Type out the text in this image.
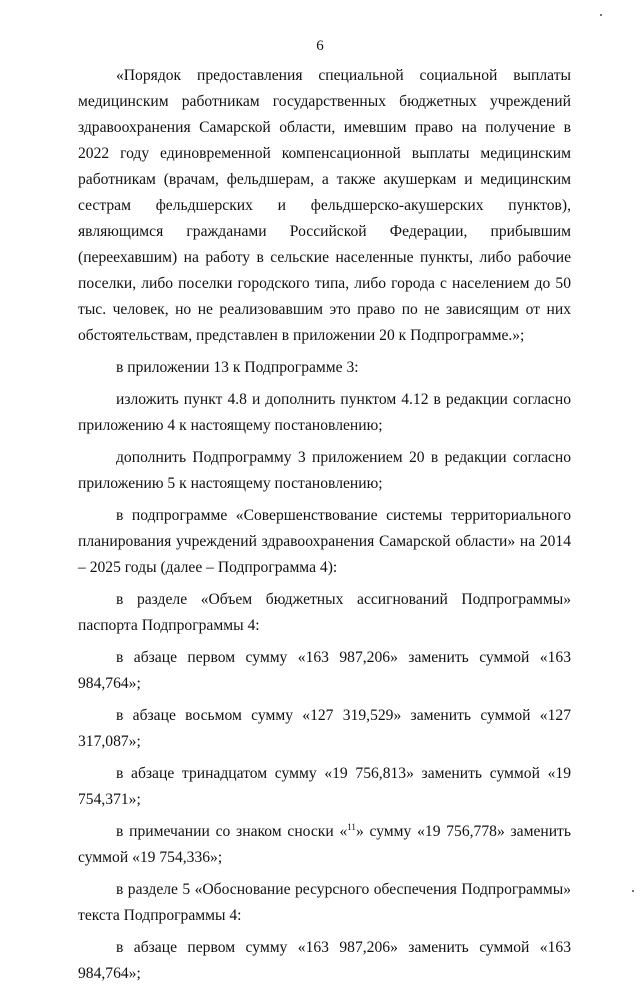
6

«Порядок предоставления специальной социальной выплаты медицинским работникам государственных бюджетных учреждений здравоохранения Самарской области, имевшим право на получение в 2022 году единовременной компенсационной выплаты медицинским работникам (врачам, фельдшерам, а также акушеркам и медицинским сестрам фельдшерских и фельдшерско-акушерских пунктов), являющимся гражданами Российской Федерации, прибывшим (переехавшим) на работу в сельские населенные пункты, либо рабочие поселки, либо поселки городского типа, либо города с населением до 50 тыс. человек, но не реализовавшим это право по не зависящим от них обстоятельствам, представлен в приложении 20 к Подпрограмме.»;

в приложении 13 к Подпрограмме 3:

изложить пункт 4.8 и дополнить пунктом 4.12 в редакции согласно приложению 4 к настоящему постановлению;

дополнить Подпрограмму 3 приложением 20 в редакции согласно приложению 5 к настоящему постановлению;

в подпрограмме «Совершенствование системы территориального планирования учреждений здравоохранения Самарской области» на 2014 – 2025 годы (далее – Подпрограмма 4):

в разделе «Объем бюджетных ассигнований Подпрограммы» паспорта Подпрограммы 4:

в абзаце первом сумму «163 987,206» заменить суммой «163 984,764»;

в абзаце восьмом сумму «127 319,529» заменить суммой «127 317,087»;

в абзаце тринадцатом сумму «19 756,813» заменить суммой «19 754,371»;

в примечании со знаком сноски «$^{11}$» сумму «19 756,778» заменить суммой «19 754,336»;

в разделе 5 «Обоснование ресурсного обеспечения Подпрограммы» текста Подпрограммы 4:

в абзаце первом сумму «163 987,206» заменить суммой «163 984,764»;
